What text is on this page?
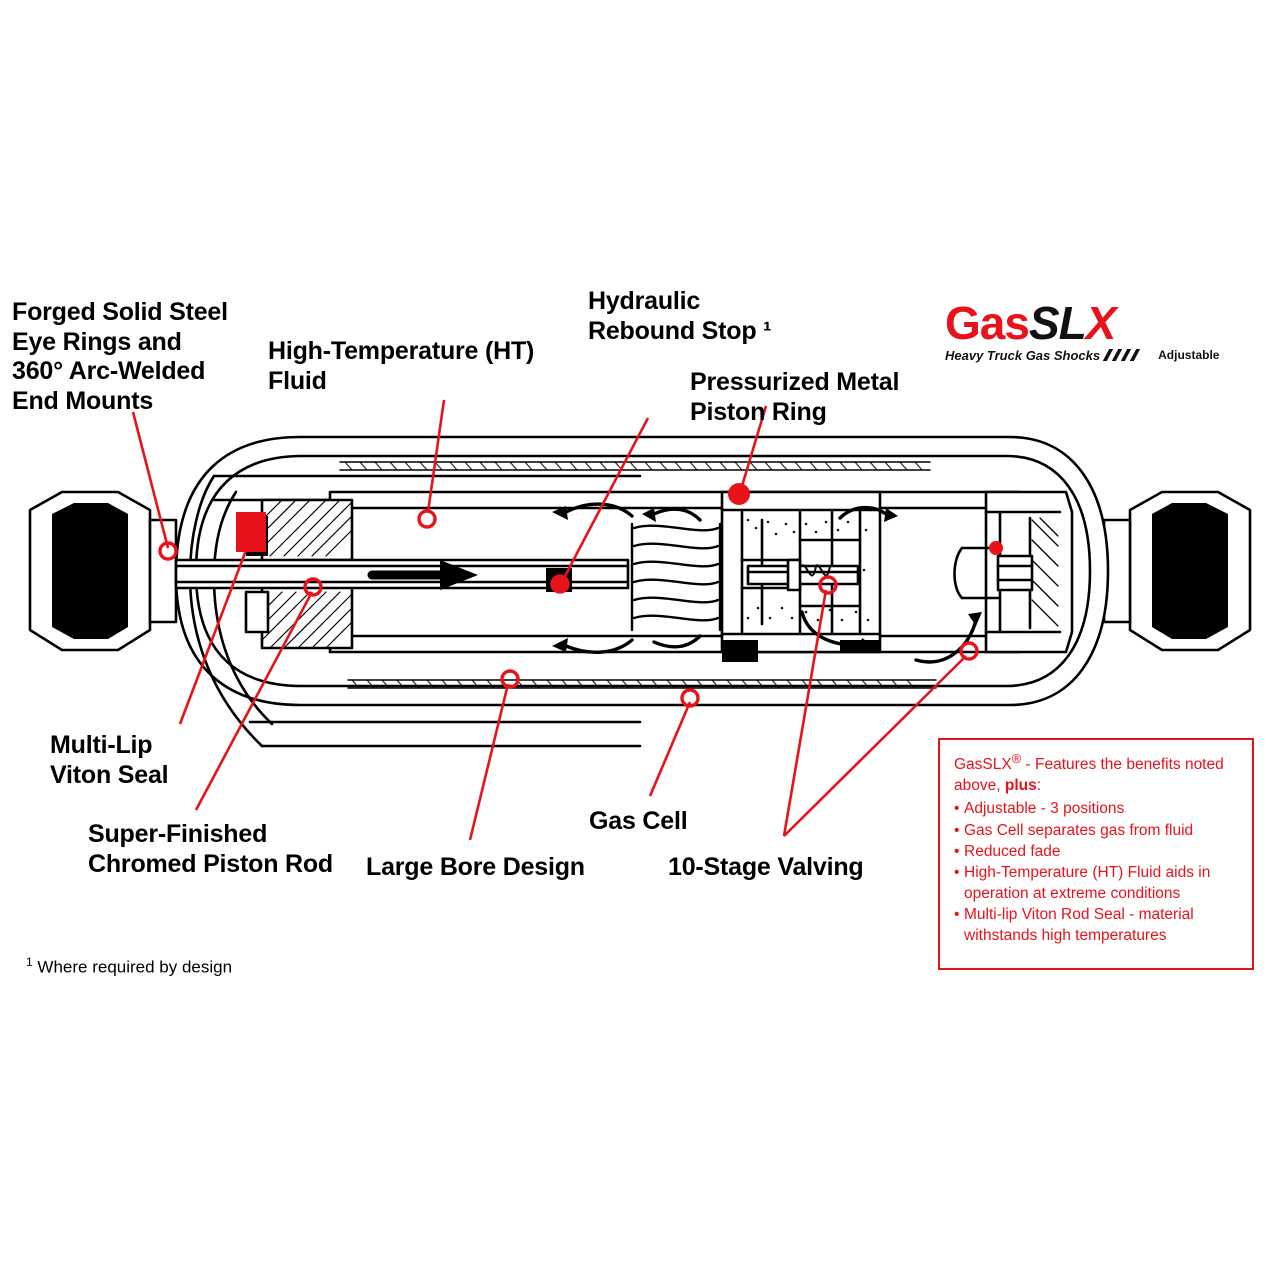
Forged Solid Steel
Eye Rings and
360° Arc-Welded
End Mounts
High-Temperature (HT)
Fluid
Hydraulic
Rebound Stop ¹
Pressurized Metal
Piston Ring
Multi-Lip
Viton Seal
Super-Finished
Chromed Piston Rod Large Bore Design
Gas Cell
10-Stage Valving
$^1$ Where required by design
GasSLX
Heavy Truck Gas Shocks	Adjustable

GasSLX® - Features the benefits noted above, plus:

• Adjustable - 3 positions
• Gas Cell separates gas from fluid
• Reduced fade
• High-Temperature (HT) Fluid aids in operation at extreme conditions
• Multi-lip Viton Rod Seal - material withstands high temperatures
